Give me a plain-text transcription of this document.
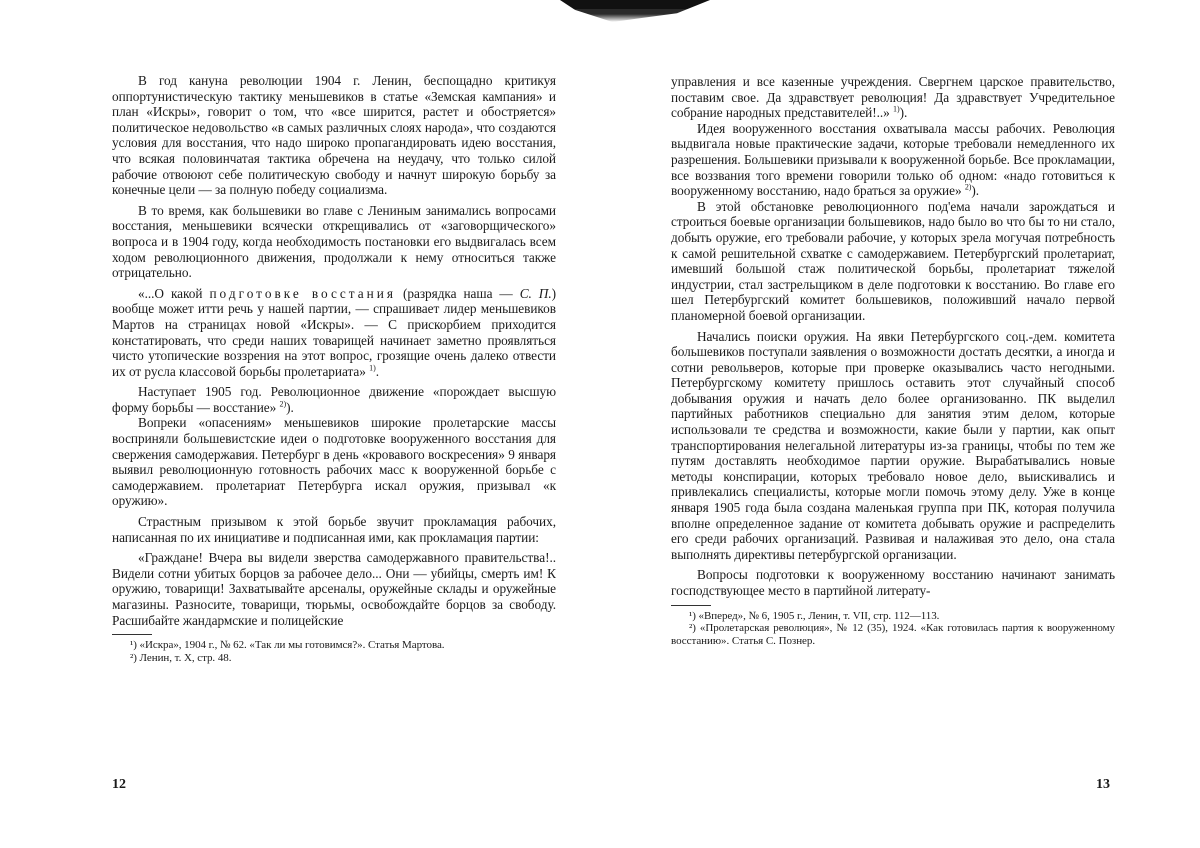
В год кануна революции 1904 г. Ленин, беспощадно критикуя оппортунистическую тактику меньшевиков в статье «Земская кампания» и план «Искры», говорит о том, что «все ширится, растет и обостряется» политическое недовольство «в самых различных слоях народа», что создаются условия для восстания, что надо широко пропагандировать идею восстания, что всякая половинчатая тактика обречена на неудачу, что только силой рабочие отвоюют себе политическую свободу и начнут широкую борьбу за конечные цели — за полную победу социализма.

В то время, как большевики во главе с Лениным занимались вопросами восстания, меньшевики всячески открещивались от «заговорщического» вопроса и в 1904 году, когда необходимость постановки его выдвигалась всем ходом революционного движения, продолжали к нему относиться также отрицательно.

«...О какой подготовке восстания (разрядка наша — С. П.) вообще может итти речь у нашей партии, — спрашивает лидер меньшевиков Мартов на страницах новой «Искры». — С прискорбием приходится констатировать, что среди наших товарищей начинает заметно проявляться чисто утопические воззрения на этот вопрос, грозящие очень далеко отвести их от русла классовой борьбы пролетариата» $^{1)}$.

Наступает 1905 год. Революционное движение «порождает высшую форму борьбы — восстание» $^{2)}$).

Вопреки «опасениям» меньшевиков широкие пролетарские массы восприняли большевистские идеи о подготовке вооруженного восстания для свержения самодержавия. Петербург в день «кровавого воскресения» 9 января выявил революционную готовность рабочих масс к вооруженной борьбе с самодержавием. пролетариат Петербурга искал оружия, призывал «к оружию».

Страстным призывом к этой борьбе звучит прокламация рабочих, написанная по их инициативе и подписанная ими, как прокламация партии:

«Граждане! Вчера вы видели зверства самодержавного правительства!.. Видели сотни убитых борцов за рабочее дело... Они — убийцы, смерть им! К оружию, товарищи! Захватывайте арсеналы, оружейные склады и оружейные магазины. Разносите, товарищи, тюрьмы, освобождайте борцов за свободу. Расшибайте жандармские и полицейские

¹) «Искра», 1904 г., № 62. «Так ли мы готовимся?». Статья Мартова.
²) Ленин, т. X, стр. 48.
12

управления и все казенные учреждения. Свергнем царское правительство, поставим свое. Да здравствует революция! Да здравствует Учредительное собрание народных представителей!..» $^{1)}$).

Идея вооруженного восстания охватывала массы рабочих. Революция выдвигала новые практические задачи, которые требовали немедленного их разрешения. Большевики призывали к вооруженной борьбе. Все прокламации, все воззвания того времени говорили только об одном: «надо готовиться к вооруженному восстанию, надо браться за оружие» $^{2)}$).

В этой обстановке революционного под'ема начали зарождаться и строиться боевые организации большевиков, надо было во что бы то ни стало, добыть оружие, его требовали рабочие, у которых зрела могучая потребность к самой решительной схватке с самодержавием. Петербургский пролетариат, имевший большой стаж политической борьбы, пролетариат тяжелой индустрии, стал застрельщиком в деле подготовки к восстанию. Во главе его шел Петербургский комитет большевиков, положивший начало первой планомерной боевой организации.

Начались поиски оружия. На явки Петербургского соц.-дем. комитета большевиков поступали заявления о возможности достать десятки, а иногда и сотни револьверов, которые при проверке оказывались часто негодными. Петербургскому комитету пришлось оставить этот случайный способ добывания оружия и начать дело более организованно. ПК выделил партийных работников специально для занятия этим делом, которые использовали те средства и возможности, какие были у партии, как опыт транспортирования нелегальной литературы из-за границы, чтобы по тем же путям доставлять необходимое партии оружие. Вырабатывались новые методы конспирации, которых требовало новое дело, выискивались и привлекались специалисты, которые могли помочь этому делу. Уже в конце января 1905 года была создана маленькая группа при ПК, которая получила вполне определенное задание от комитета добывать оружие и распределить его среди рабочих организаций. Развивая и налаживая это дело, она стала выполнять директивы петербургской организации.

Вопросы подготовки к вооруженному восстанию начинают занимать господствующее место в партийной литерату-

¹) «Вперед», № 6, 1905 г., Ленин, т. VII, стр. 112—113.
²) «Пролетарская революция», № 12 (35), 1924. «Как готовилась партия к вооруженному восстанию». Статья С. Познер.
13
